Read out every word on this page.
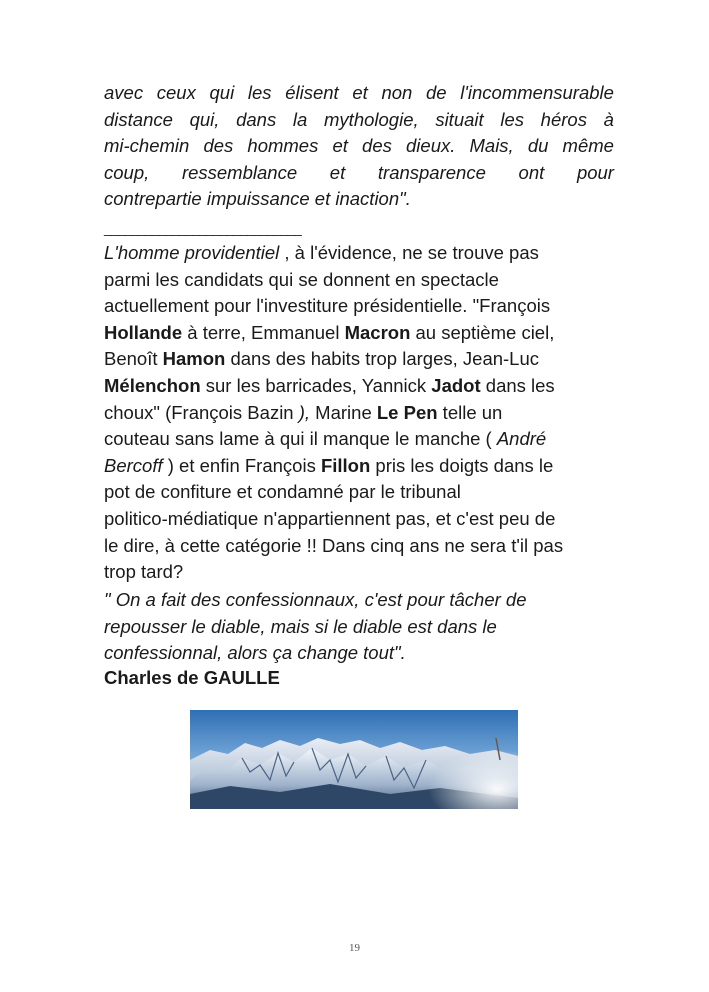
avec ceux qui les élisent et non de l'incommensurable
distance qui, dans la mythologie, situait les héros à
mi-chemin des hommes et des dieux. Mais, du même
coup, ressemblance et transparence ont pour
contrepartie impuissance et inaction".
_____________________________
L'homme providentiel , à l'évidence, ne se trouve pas
parmi les candidats qui se donnent en spectacle
actuellement pour l'investiture présidentielle. "François
Hollande à terre, Emmanuel Macron au septième ciel,
Benoît Hamon dans des habits trop larges, Jean-Luc
Mélenchon sur les barricades, Yannick Jadot dans les
choux" (François Bazin ), Marine Le Pen telle un
couteau sans lame à qui il manque le manche ( André
Bercoff ) et enfin François Fillon pris les doigts dans le
pot de confiture et condamné par le tribunal
politico-médiatique n'appartiennent pas, et c'est peu de
le dire, à cette catégorie !! Dans cinq ans ne sera t'il pas
trop tard?
" On a fait des confessionnaux, c'est pour tâcher de
repousser le diable, mais si le diable est dans le
confessionnal, alors ça change tout".
Charles de GAULLE
19
